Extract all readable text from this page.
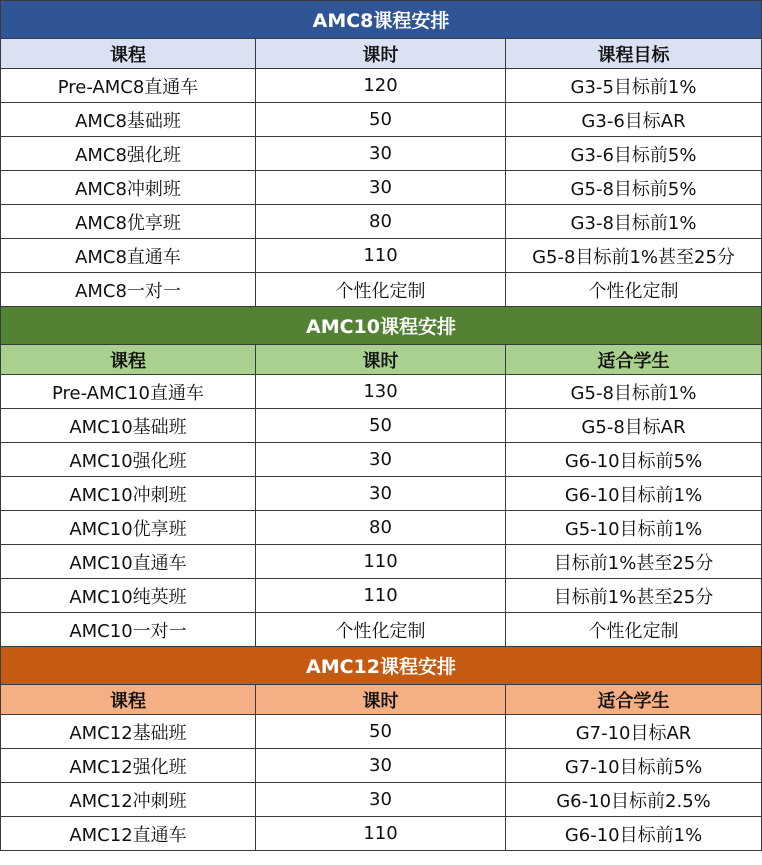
AMC8课程安排		
课程	课时	课程目标
Pre-AMC8直通车	120	G3-5目标前1%
AMC8基础班	50	G3-6目标AR
AMC8强化班	30	G3-6目标前5%
AMC8冲刺班	30	G5-8目标前5%
AMC8优享班	80	G3-8目标前1%
AMC8直通车	110	G5-8目标前1%甚至25分
AMC8一对一	个性化定制	个性化定制
AMC10课程安排		
课程	课时	适合学生
Pre-AMC10直通车	130	G5-8目标前1%
AMC10基础班	50	G5-8目标AR
AMC10强化班	30	G6-10目标前5%
AMC10冲刺班	30	G6-10目标前1%
AMC10优享班	80	G5-10目标前1%
AMC10直通车	110	目标前1%甚至25分
AMC10纯英班	110	目标前1%甚至25分
AMC10一对一	个性化定制	个性化定制
AMC12课程安排		
课程	课时	适合学生
AMC12基础班	50	G7-10目标AR
AMC12强化班	30	G7-10目标前5%
AMC12冲刺班	30	G6-10目标前2.5%
AMC12直通车	110	G6-10目标前1%
